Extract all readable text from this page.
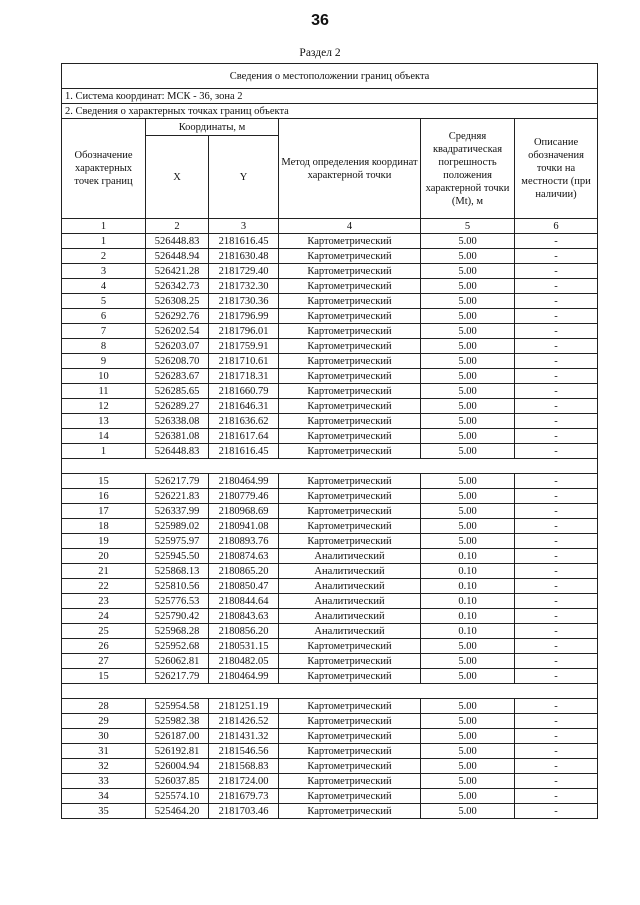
36
Раздел 2
Сведения о местоположении границ объекта					
1. Система координат: МСК - 36, зона 2					
2. Сведения о характерных точках границ объекта					
Обозначение характерных точек границ	Координаты, м		Метод определения координат характерной точки	Средняя квадратическая погрешность положения характерной точки (Mt), м	Описание обозначения точки на местности (при наличии)
	X	Y			
1	2	3	4	5	6
1	526448.83	2181616.45	Картометрический	5.00	-
2	526448.94	2181630.48	Картометрический	5.00	-
3	526421.28	2181729.40	Картометрический	5.00	-
4	526342.73	2181732.30	Картометрический	5.00	-
5	526308.25	2181730.36	Картометрический	5.00	-
6	526292.76	2181796.99	Картометрический	5.00	-
7	526202.54	2181796.01	Картометрический	5.00	-
8	526203.07	2181759.91	Картометрический	5.00	-
9	526208.70	2181710.61	Картометрический	5.00	-
10	526283.67	2181718.31	Картометрический	5.00	-
11	526285.65	2181660.79	Картометрический	5.00	-
12	526289.27	2181646.31	Картометрический	5.00	-
13	526338.08	2181636.62	Картометрический	5.00	-
14	526381.08	2181617.64	Картометрический	5.00	-
1	526448.83	2181616.45	Картометрический	5.00	-

15	526217.79	2180464.99	Картометрический	5.00	-
16	526221.83	2180779.46	Картометрический	5.00	-
17	526337.99	2180968.69	Картометрический	5.00	-
18	525989.02	2180941.08	Картометрический	5.00	-
19	525975.97	2180893.76	Картометрический	5.00	-
20	525945.50	2180874.63	Аналитический	0.10	-
21	525868.13	2180865.20	Аналитический	0.10	-
22	525810.56	2180850.47	Аналитический	0.10	-
23	525776.53	2180844.64	Аналитический	0.10	-
24	525790.42	2180843.63	Аналитический	0.10	-
25	525968.28	2180856.20	Аналитический	0.10	-
26	525952.68	2180531.15	Картометрический	5.00	-
27	526062.81	2180482.05	Картометрический	5.00	-
15	526217.79	2180464.99	Картометрический	5.00	-

28	525954.58	2181251.19	Картометрический	5.00	-
29	525982.38	2181426.52	Картометрический	5.00	-
30	526187.00	2181431.32	Картометрический	5.00	-
31	526192.81	2181546.56	Картометрический	5.00	-
32	526004.94	2181568.83	Картометрический	5.00	-
33	526037.85	2181724.00	Картометрический	5.00	-
34	525574.10	2181679.73	Картометрический	5.00	-
35	525464.20	2181703.46	Картометрический	5.00	-
